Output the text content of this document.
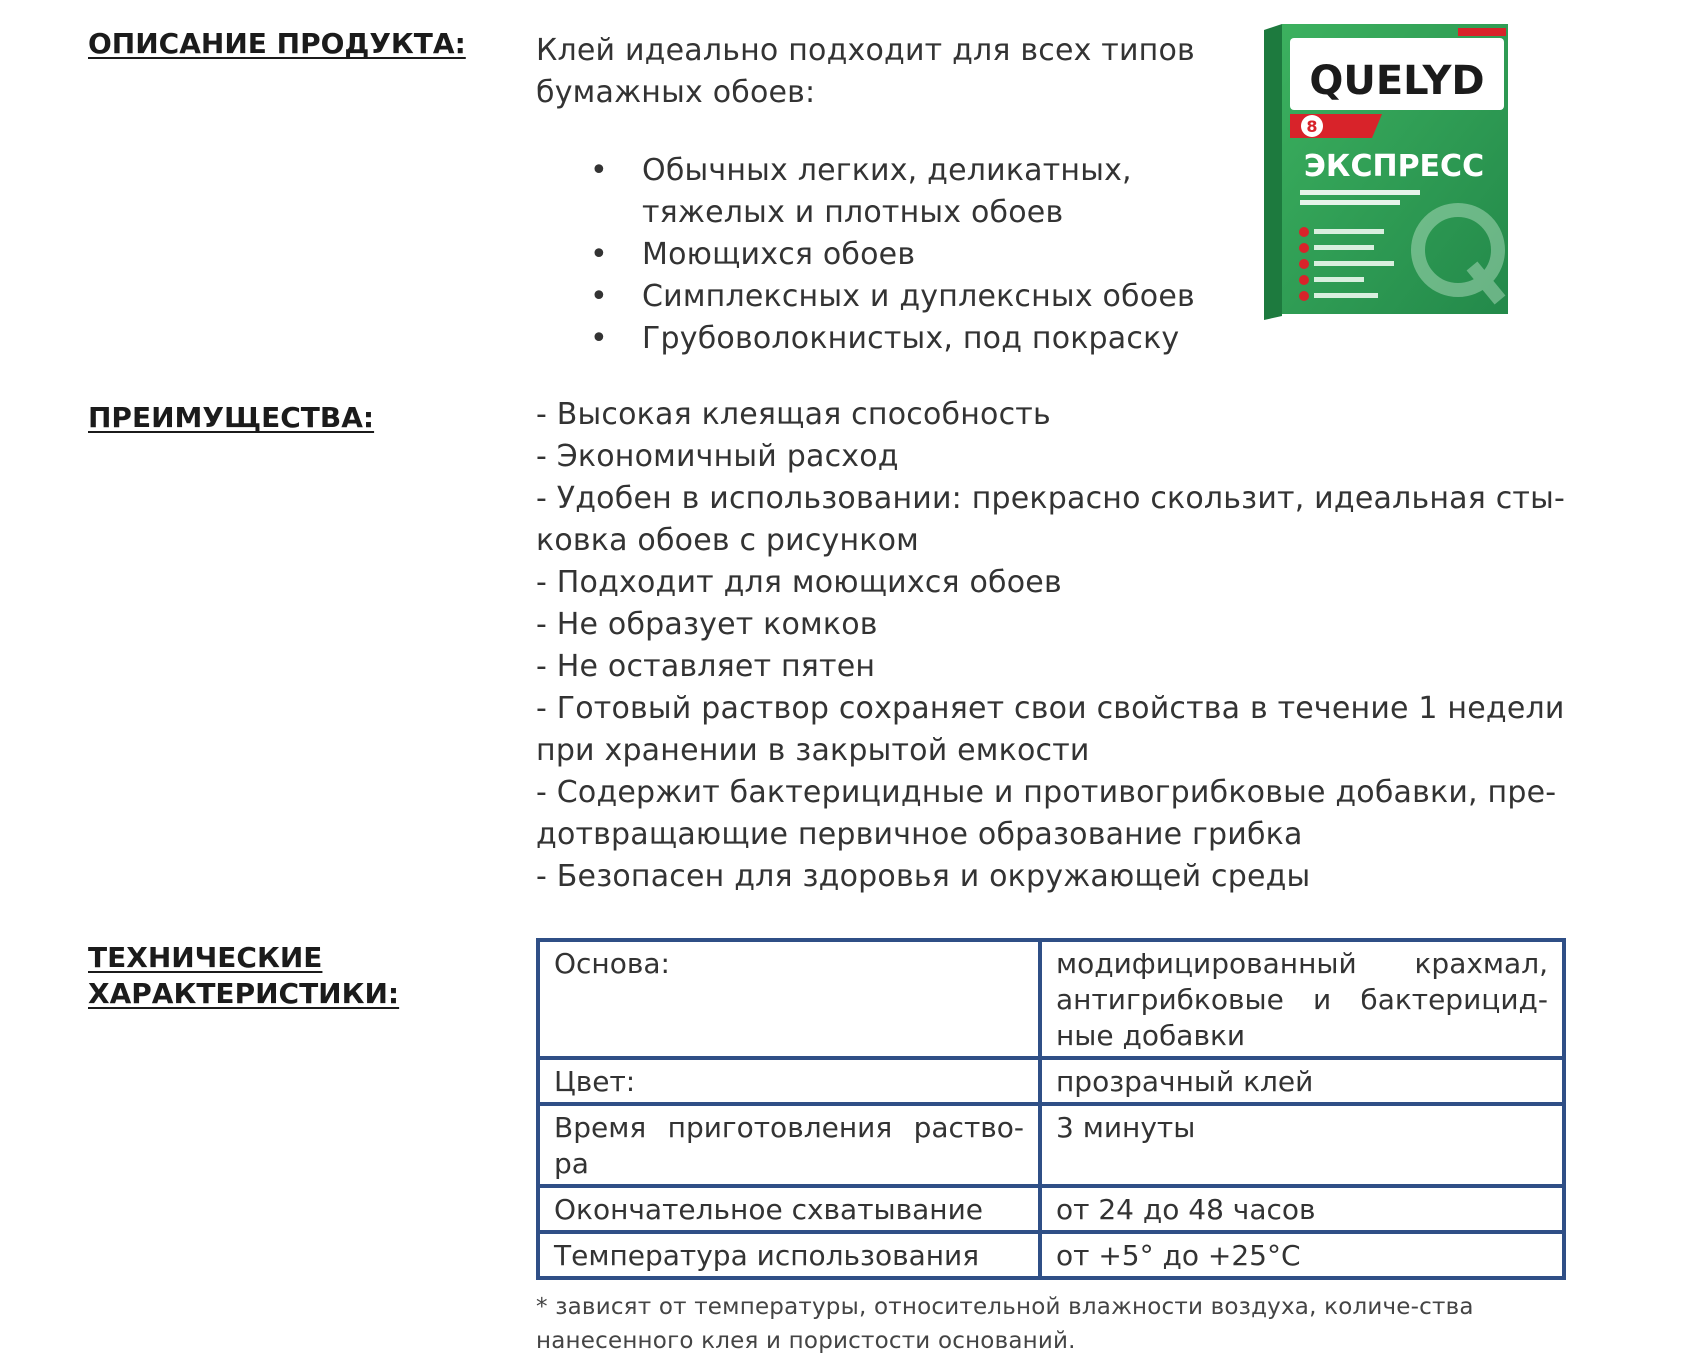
ОПИСАНИЕ ПРОДУКТА: Клей идеально подходит для всех типов

бумажных обоев:

• Обычных легких, деликатных,
тяжелых и плотных обоев
• Моющихся обоев
• Симплексных и дуплексных обоев
• Грубоволокнистых, под покраску
QUELYD
8
ЭКСПРЕСС

ПРЕИМУЩЕСТВА:	- Высокая клеящая способность
- Экономичный расход
- Удобен в использовании: прекрасно скользит, идеальная сты-
ковка обоев с рисунком
- Подходит для моющихся обоев
- Не образует комков
- Не оставляет пятен
- Готовый раствор сохраняет свои свойства в течение 1 недели
при хранении в закрытой емкости
- Содержит бактерицидные и противогрибковые добавки, пре-
дотвращающие первичное образование грибка
- Безопасен для здоровья и окружающей среды

ТЕХНИЧЕСКИЕ
ХАРАКТЕРИСТИКИ:

Основа:	модифицированный крахмал, антигрибковые и бактерицид-ные добавки
Цвет:	прозрачный клей
Время приготовления раство-ра	3 минуты
Окончательное схватывание	от 24 до 48 часов
Температура использования	от +5° до +25°С

* зависят от температуры, относительной влажности воздуха, количе-ства нанесенного клея и пористости оснований.
